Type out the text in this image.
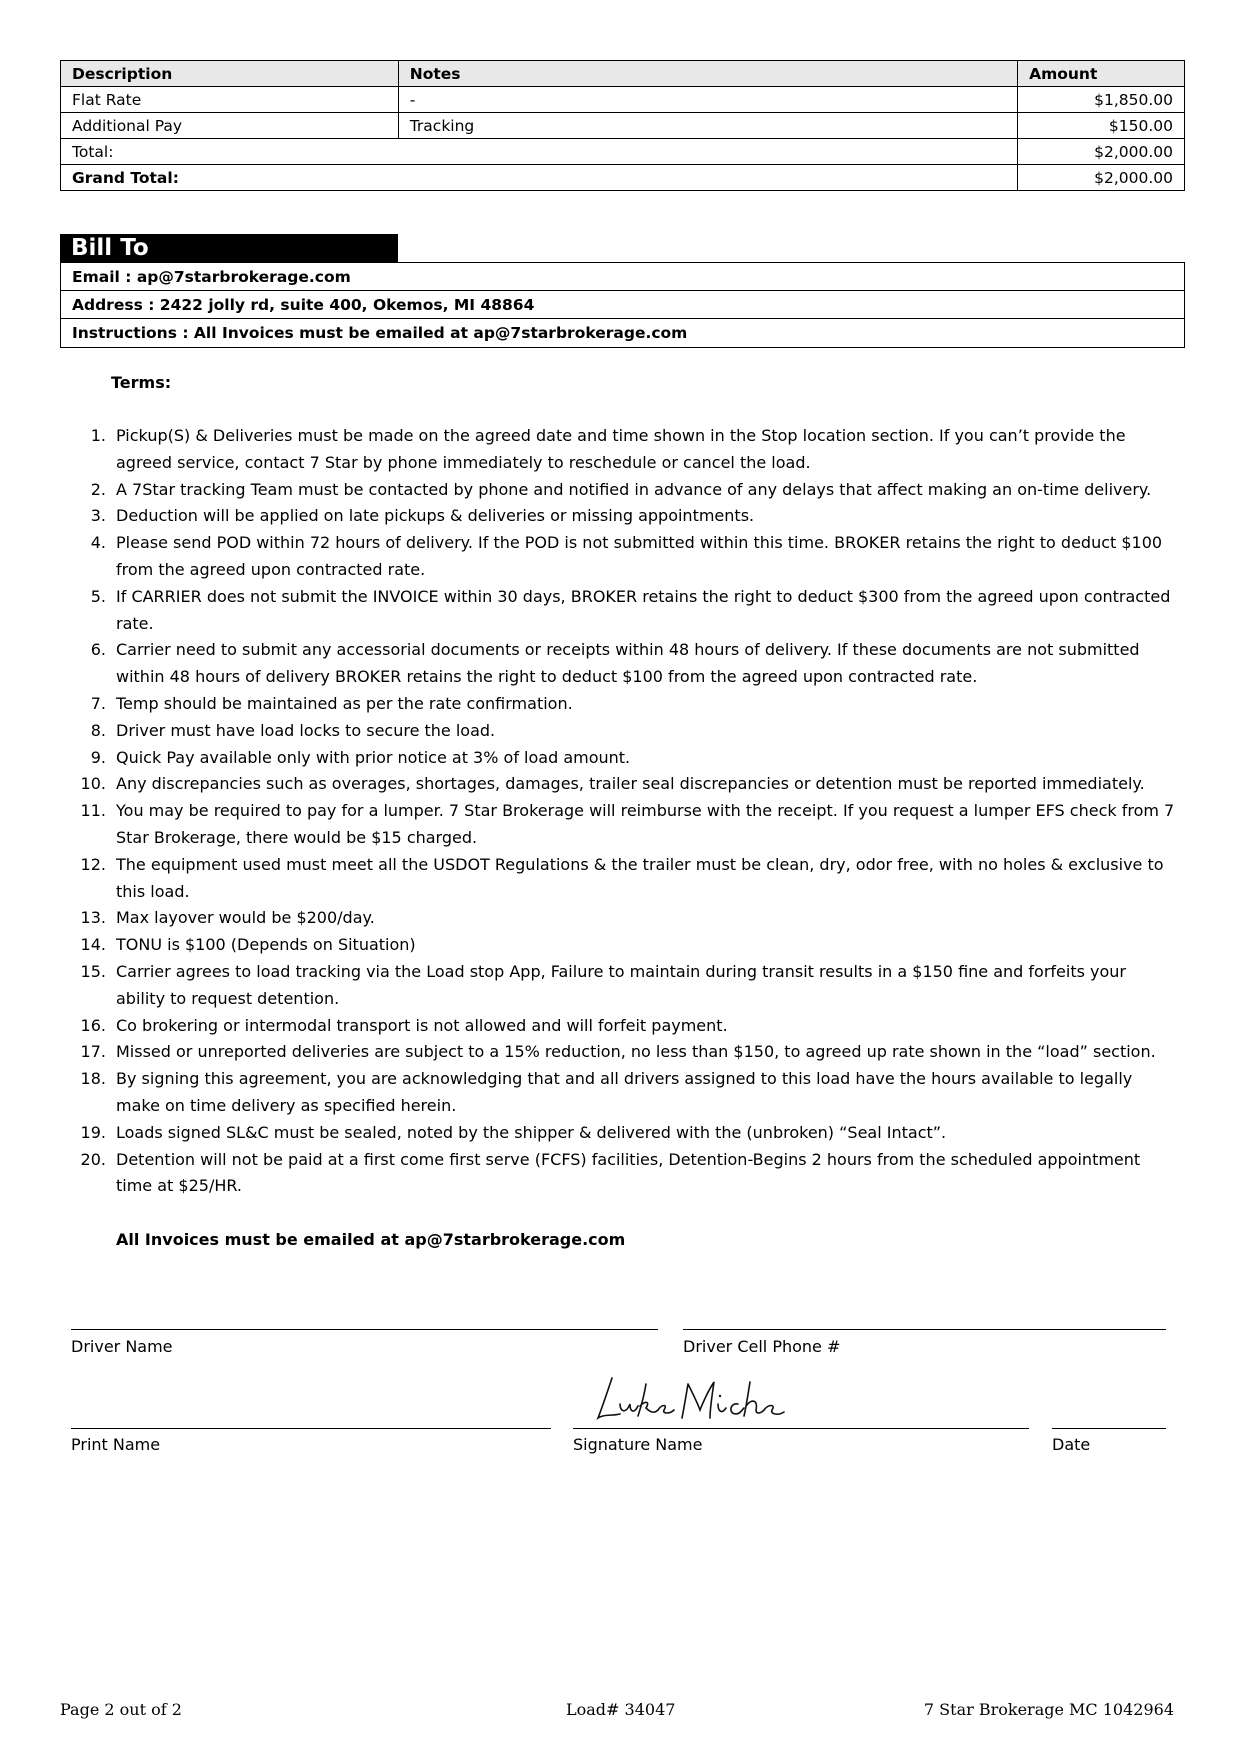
Description	Notes	Amount
Flat Rate	-	$1,850.00
Additional Pay	Tracking	$150.00
Total:		$2,000.00
Grand Total:		$2,000.00
Bill To
Email : ap@7starbrokerage.com
Address : 2422 jolly rd, suite 400, Okemos, MI 48864
Instructions : All Invoices must be emailed at ap@7starbrokerage.com
Terms:
1. Pickup(S) & Deliveries must be made on the agreed date and time shown in the Stop location section. If you can’t provide the agreed service, contact 7 Star by phone immediately to reschedule or cancel the load.
2. A 7Star tracking Team must be contacted by phone and notified in advance of any delays that affect making an on-time delivery.
3. Deduction will be applied on late pickups & deliveries or missing appointments.
4. Please send POD within 72 hours of delivery. If the POD is not submitted within this time. BROKER retains the right to deduct $100 from the agreed upon contracted rate.
5. If CARRIER does not submit the INVOICE within 30 days, BROKER retains the right to deduct $300 from the agreed upon contracted rate.
6. Carrier need to submit any accessorial documents or receipts within 48 hours of delivery. If these documents are not submitted within 48 hours of delivery BROKER retains the right to deduct $100 from the agreed upon contracted rate.
7. Temp should be maintained as per the rate confirmation.
8. Driver must have load locks to secure the load.
9. Quick Pay available only with prior notice at 3% of load amount.
10. Any discrepancies such as overages, shortages, damages, trailer seal discrepancies or detention must be reported immediately.
11. You may be required to pay for a lumper. 7 Star Brokerage will reimburse with the receipt. If you request a lumper EFS check from 7 Star Brokerage, there would be $15 charged.
12. The equipment used must meet all the USDOT Regulations & the trailer must be clean, dry, odor free, with no holes & exclusive to this load.
13. Max layover would be $200/day.
14. TONU is $100 (Depends on Situation)
15. Carrier agrees to load tracking via the Load stop App, Failure to maintain during transit results in a $150 fine and forfeits your ability to request detention.
16. Co brokering or intermodal transport is not allowed and will forfeit payment.
17. Missed or unreported deliveries are subject to a 15% reduction, no less than $150, to agreed up rate shown in the “load” section.
18. By signing this agreement, you are acknowledging that and all drivers assigned to this load have the hours available to legally make on time delivery as specified herein.
19. Loads signed SL&C must be sealed, noted by the shipper & delivered with the (unbroken) “Seal Intact”.
20. Detention will not be paid at a first come first serve (FCFS) facilities, Detention-Begins 2 hours from the scheduled appointment time at $25/HR.
All Invoices must be emailed at ap@7starbrokerage.com
Driver Name	Driver Cell Phone #
Print Name	Signature Name	Date
Page 2 out of 2	Load# 34047	7 Star Brokerage MC 1042964
